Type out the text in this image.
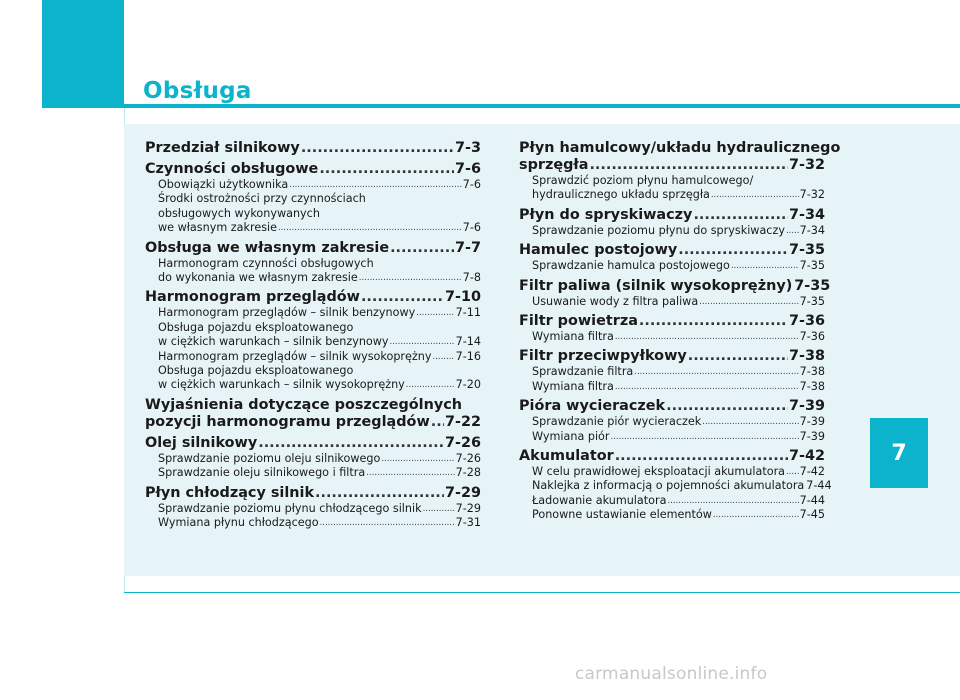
Obsługa
7
Przedział silnikowy .....	7-3
Czynności obsługowe .....	7-6
Obowiązki użytkownika .....	7-6
Środki ostrożności przy czynnościach
obsługowych wykonywanych
we własnym zakresie .....	7-6
Obsługa we własnym zakresie .....	7-7
Harmonogram czynności obsługowych
do wykonania we własnym zakresie .....	7-8
Harmonogram przeglądów .....	7-10
Harmonogram przeglądów – silnik benzynowy .....	7-11
Obsługa pojazdu eksploatowanego
w ciężkich warunkach – silnik benzynowy .....	7-14
Harmonogram przeglądów – silnik wysokoprężny ..... 7-16
Obsługa pojazdu eksploatowanego
w ciężkich warunkach – silnik wysokoprężny .....	7-20
Wyjaśnienia dotyczące poszczególnych
pozycji harmonogramu przeglądów ..... 7-22
Olej silnikowy .....	7-26
Sprawdzanie poziomu oleju silnikowego .....	7-26
Sprawdzanie oleju silnikowego i filtra .....	7-28
Płyn chłodzący silnik .....	7-29
Sprawdzanie poziomu płynu chłodzącego silnik .....	7-29
Wymiana płynu chłodzącego .....	7-31
Płyn hamulcowy/układu hydraulicznego
sprzęgła .....	7-32
Sprawdzić poziom płynu hamulcowego/
hydraulicznego układu sprzęgła .....	7-32
Płyn do spryskiwaczy .....	7-34
Sprawdzanie poziomu płynu do spryskiwaczy ..... 7-34
Hamulec postojowy .....	7-35
Sprawdzanie hamulca postojowego .....	7-35
Filtr paliwa (silnik wysokoprężny) 7-35
Usuwanie wody z filtra paliwa .....	7-35
Filtr powietrza .....	7-36
Wymiana filtra .....	7-36
Filtr przeciwpyłkowy .....	7-38
Sprawdzanie filtra .....	7-38
Wymiana filtra .....	7-38
Pióra wycieraczek .....	7-39
Sprawdzanie piór wycieraczek .....	7-39
Wymiana piór .....	7-39
Akumulator .....	7-42
W celu prawidłowej eksploatacji akumulatora ..... 7-42
Naklejka z informacją o pojemności akumulatora 7-44
Ładowanie akumulatora .....	7-44
Ponowne ustawianie elementów .....	7-45
carmanualsonline.info
